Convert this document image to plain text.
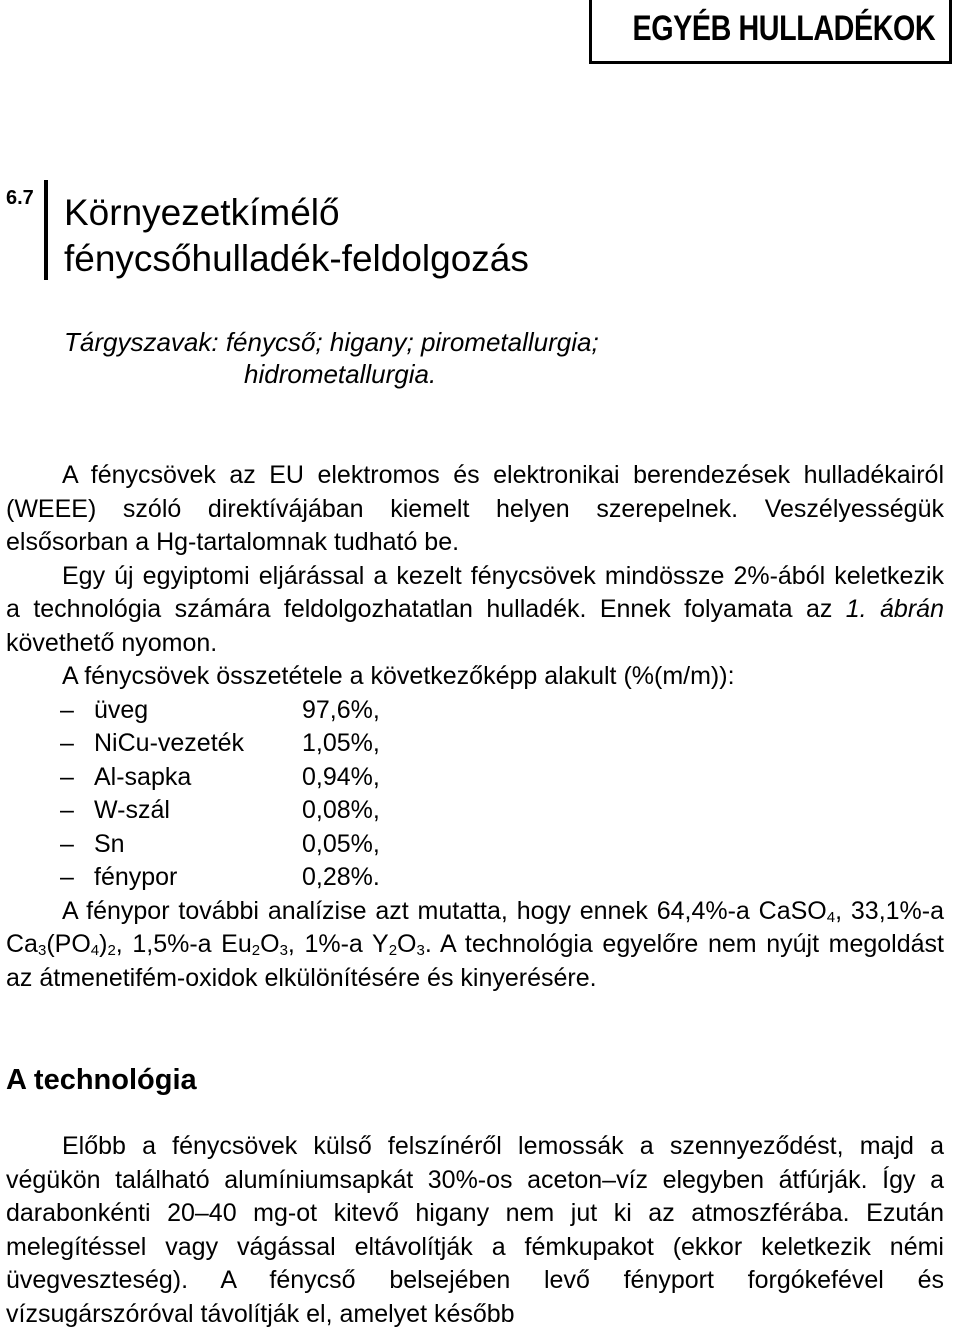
EGYÉB HULLADÉKOK
6.7 Környezetkímélő
fénycsőhulladék-feldolgozás
Tárgyszavak: fénycső; higany; pirometallurgia;
hidrometallurgia.

A fénycsövek az EU elektromos és elektronikai berendezések hulladékairól (WEEE) szóló direktívájában kiemelt helyen szerepelnek. Veszélyességük elsősorban a Hg-tartalomnak tudható be.

Egy új egyiptomi eljárással a kezelt fénycsövek mindössze 2%-ából keletkezik a technológia számára feldolgozhatatlan hulladék. Ennek folyamata az 1. ábrán követhető nyomon.

A fénycsövek összetétele a következőképp alakult (%(m/m)):

– üveg	97,6%,
– NiCu-vezeték	1,05%,
– Al-sapka	0,94%,
– W-szál	0,08%,
– Sn	0,05%,
– fénypor	0,28%.

A fénypor további analízise azt mutatta, hogy ennek 64,4%-a CaSO$_4$, 33,1%-a $Ca_3(PO_4)_2$, 1,5%-a $Eu_2O_3$, 1%-a $Y_2O_3$. A technológia egyelőre nem nyújt megoldást az átmenetifém-oxidok elkülönítésére és kinyerésére.

A technológia

Előbb a fénycsövek külső felszínéről lemossák a szennyeződést, majd a végükön található alumíniumsapkát 30%-os aceton–víz elegyben átfúrják. Így a darabonkénti 20–40 mg-ot kitevő higany nem jut ki az atmoszférába. Ezután melegítéssel vagy vágással eltávolítják a fémkupakot (ekkor keletkezik némi üvegveszteség). A fénycső belsejében levő fényport forgókefével és vízsugárszóróval távolítják el, amelyet később
